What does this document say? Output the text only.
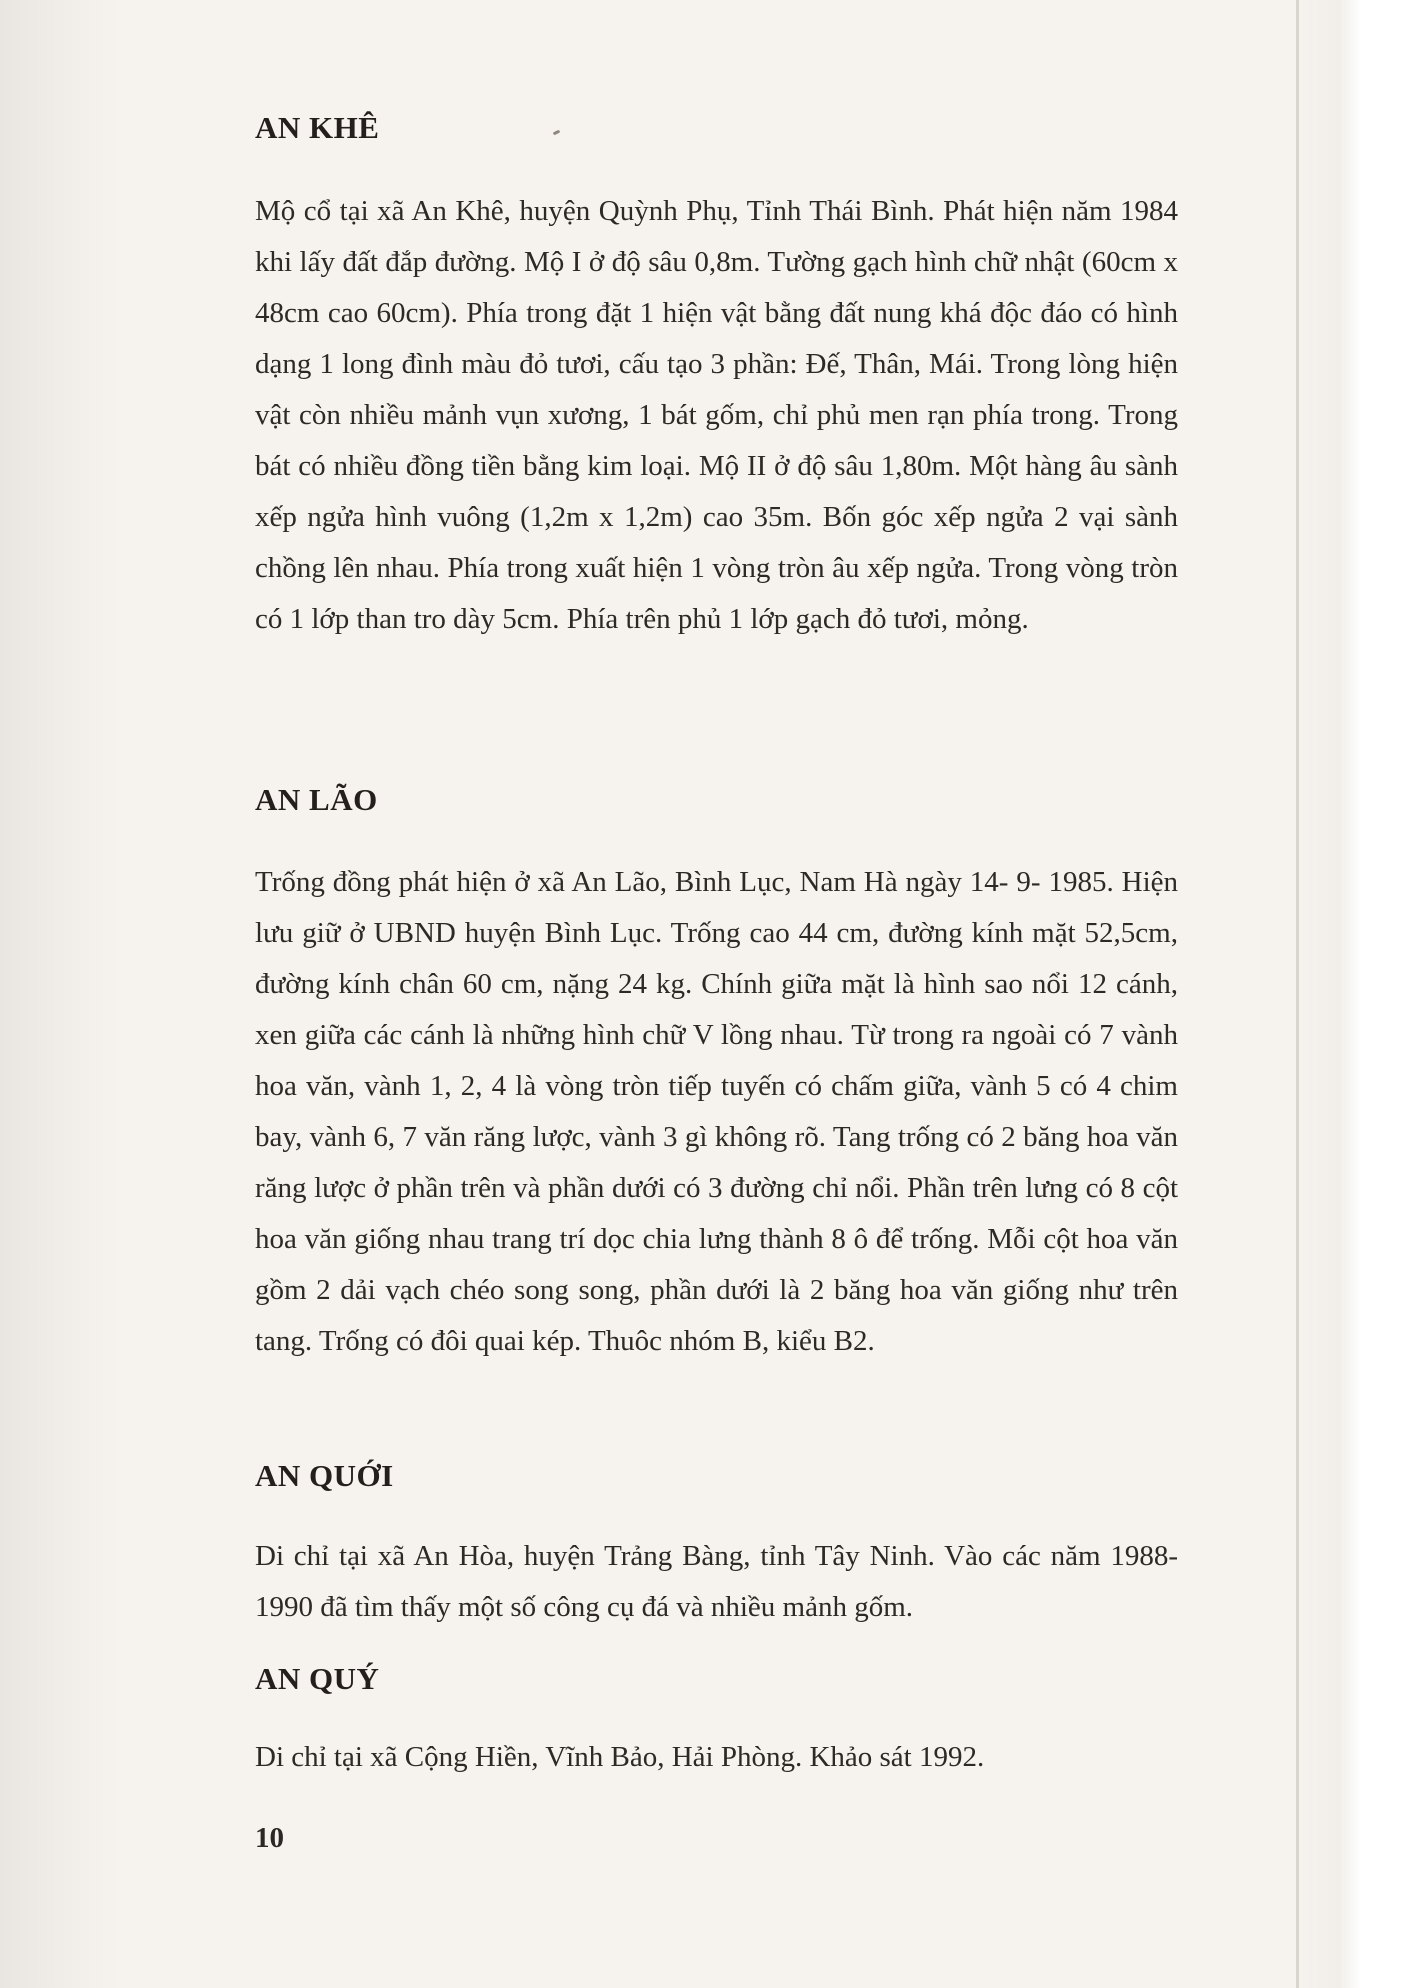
AN KHÊ

Mộ cổ tại xã An Khê, huyện Quỳnh Phụ, Tỉnh Thái Bình. Phát hiện năm 1984 khi lấy đất đắp đường. Mộ I ở độ sâu 0,8m. Tường gạch hình chữ nhật (60cm x 48cm cao 60cm). Phía trong đặt 1 hiện vật bằng đất nung khá độc đáo có hình dạng 1 long đình màu đỏ tươi, cấu tạo 3 phần: Đế, Thân, Mái. Trong lòng hiện vật còn nhiều mảnh vụn xương, 1 bát gốm, chỉ phủ men rạn phía trong. Trong bát có nhiều đồng tiền bằng kim loại. Mộ II ở độ sâu 1,80m. Một hàng âu sành xếp ngửa hình vuông (1,2m x 1,2m) cao 35m. Bốn góc xếp ngửa 2 vại sành chồng lên nhau. Phía trong xuất hiện 1 vòng tròn âu xếp ngửa. Trong vòng tròn có 1 lớp than tro dày 5cm. Phía trên phủ 1 lớp gạch đỏ tươi, mỏng.

AN LÃO

Trống đồng phát hiện ở xã An Lão, Bình Lục, Nam Hà ngày 14- 9- 1985. Hiện lưu giữ ở UBND huyện Bình Lục. Trống cao 44 cm, đường kính mặt 52,5cm, đường kính chân 60 cm, nặng 24 kg. Chính giữa mặt là hình sao nổi 12 cánh, xen giữa các cánh là những hình chữ V lồng nhau. Từ trong ra ngoài có 7 vành hoa văn, vành 1, 2, 4 là vòng tròn tiếp tuyến có chấm giữa, vành 5 có 4 chim bay, vành 6, 7 văn răng lược, vành 3 gì không rõ. Tang trống có 2 băng hoa văn răng lược ở phần trên và phần dưới có 3 đường chỉ nổi. Phần trên lưng có 8 cột hoa văn giống nhau trang trí dọc chia lưng thành 8 ô để trống. Mỗi cột hoa văn gồm 2 dải vạch chéo song song, phần dưới là 2 băng hoa văn giống như trên tang. Trống có đôi quai kép. Thuôc nhóm B, kiểu B2.

AN QUỚI

Di chỉ tại xã An Hòa, huyện Trảng Bàng, tỉnh Tây Ninh. Vào các năm 1988- 1990 đã tìm thấy một số công cụ đá và nhiều mảnh gốm.

AN QUÝ

Di chỉ tại xã Cộng Hiền, Vĩnh Bảo, Hải Phòng. Khảo sát 1992.

10
